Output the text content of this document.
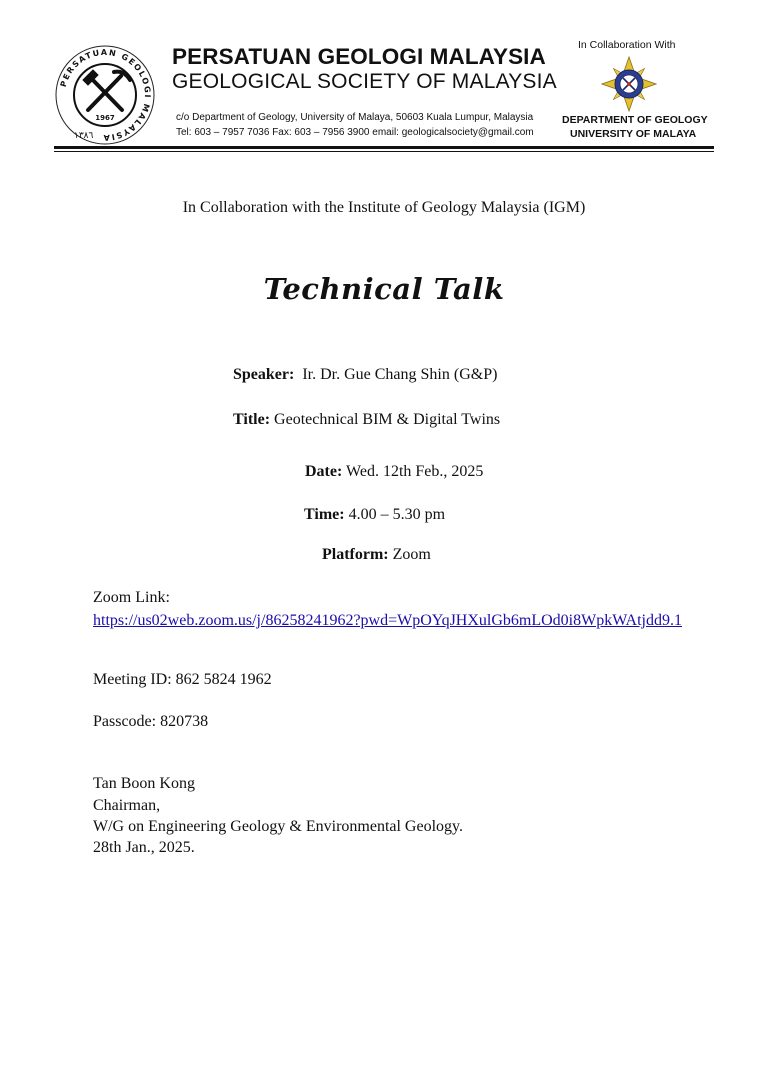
PERSATUAN GEOLOGI MALAYSIA
1967
١٣٨٦
PERSATUAN GEOLOGI MALAYSIA
GEOLOGICAL SOCIETY OF MALAYSIA
c/o Department of Geology, University of Malaya, 50603 Kuala Lumpur, Malaysia
Tel: 603 – 7957 7036 Fax: 603 – 7956 3900 email: geologicalsociety@gmail.com
In Collaboration With
DEPARTMENT OF GEOLOGY
UNIVERSITY OF MALAYA
In Collaboration with the Institute of Geology Malaysia (IGM)
Technical Talk
Speaker:  Ir. Dr. Gue Chang Shin (G&P)
Title: Geotechnical BIM & Digital Twins
Date: Wed. 12th Feb., 2025
Time: 4.00 – 5.30 pm
Platform: Zoom
Zoom Link:
https://us02web.zoom.us/j/86258241962?pwd=WpOYqJHXulGb6mLOd0i8WpkWAtjdd9.1
Meeting ID: 862 5824 1962
Passcode: 820738
Tan Boon Kong
Chairman,
W/G on Engineering Geology & Environmental Geology.
28th Jan., 2025.
